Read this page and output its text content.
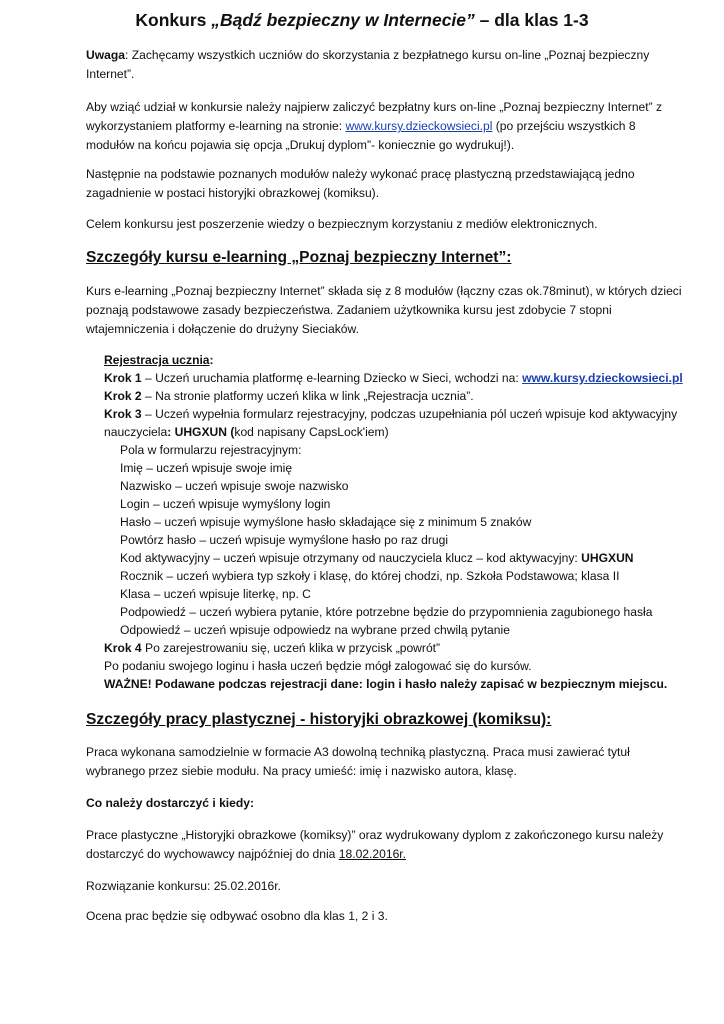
Konkurs „Bądź bezpieczny w Internecie” – dla klas 1-3

Uwaga: Zachęcamy wszystkich uczniów do skorzystania z bezpłatnego kursu on-line „Poznaj bezpieczny Internet”.

Aby wziąć udział w konkursie należy najpierw zaliczyć bezpłatny kurs on-line „Poznaj bezpieczny Internet” z wykorzystaniem platformy e-learning na stronie: www.kursy.dzieckowsieci.pl (po przejściu wszystkich 8 modułów na końcu pojawia się opcja „Drukuj dyplom”- koniecznie go wydrukuj!).

Następnie na podstawie poznanych modułów należy wykonać pracę plastyczną przedstawiającą jedno zagadnienie w postaci historyjki obrazkowej (komiksu).

Celem konkursu jest poszerzenie wiedzy o bezpiecznym korzystaniu z mediów elektronicznych.

Szczegóły kursu e-learning „Poznaj bezpieczny Internet”:

Kurs e-learning „Poznaj bezpieczny Internet” składa się z 8 modułów (łączny czas ok.78minut), w których dzieci poznają podstawowe zasady bezpieczeństwa. Zadaniem użytkownika kursu jest zdobycie 7 stopni wtajemniczenia i dołączenie do drużyny Sieciaków.

Rejestracja ucznia:
Krok 1 – Uczeń uruchamia platformę e-learning Dziecko w Sieci, wchodzi na: www.kursy.dzieckowsieci.pl
Krok 2 – Na stronie platformy uczeń klika w link „Rejestracja ucznia”.
Krok 3 – Uczeń wypełnia formularz rejestracyjny, podczas uzupełniania pól uczeń wpisuje kod aktywacyjny
nauczyciela: UHGXUN (kod napisany CapsLock'iem)
Pola w formularzu rejestracyjnym:
Imię – uczeń wpisuje swoje imię
Nazwisko – uczeń wpisuje swoje nazwisko
Login – uczeń wpisuje wymyślony login
Hasło – uczeń wpisuje wymyślone hasło składające się z minimum 5 znaków
Powtórz hasło – uczeń wpisuje wymyślone hasło po raz drugi
Kod aktywacyjny – uczeń wpisuje otrzymany od nauczyciela klucz – kod aktywacyjny: UHGXUN
Rocznik – uczeń wybiera typ szkoły i klasę, do której chodzi, np. Szkoła Podstawowa; klasa II
Klasa – uczeń wpisuje literkę, np. C
Podpowiedź – uczeń wybiera pytanie, które potrzebne będzie do przypomnienia zagubionego hasła
Odpowiedź – uczeń wpisuje odpowiedz na wybrane przed chwilą pytanie
Krok 4 Po zarejestrowaniu się, uczeń klika w przycisk „powrót”
Po podaniu swojego loginu i hasła uczeń będzie mógł zalogować się do kursów.
WAŻNE! Podawane podczas rejestracji dane: login i hasło należy zapisać w bezpiecznym miejscu.
Szczegóły pracy plastycznej - historyjki obrazkowej (komiksu):

Praca wykonana samodzielnie w formacie A3 dowolną techniką plastyczną. Praca musi zawierać tytuł wybranego przez siebie modułu. Na pracy umieść: imię i nazwisko autora, klasę.

Co należy dostarczyć i kiedy:

Prace plastyczne „Historyjki obrazkowe (komiksy)” oraz wydrukowany dyplom z zakończonego kursu należy dostarczyć do wychowawcy najpóźniej do dnia 18.02.2016r.

Rozwiązanie konkursu: 25.02.2016r.

Ocena prac będzie się odbywać osobno dla klas 1, 2 i 3.
